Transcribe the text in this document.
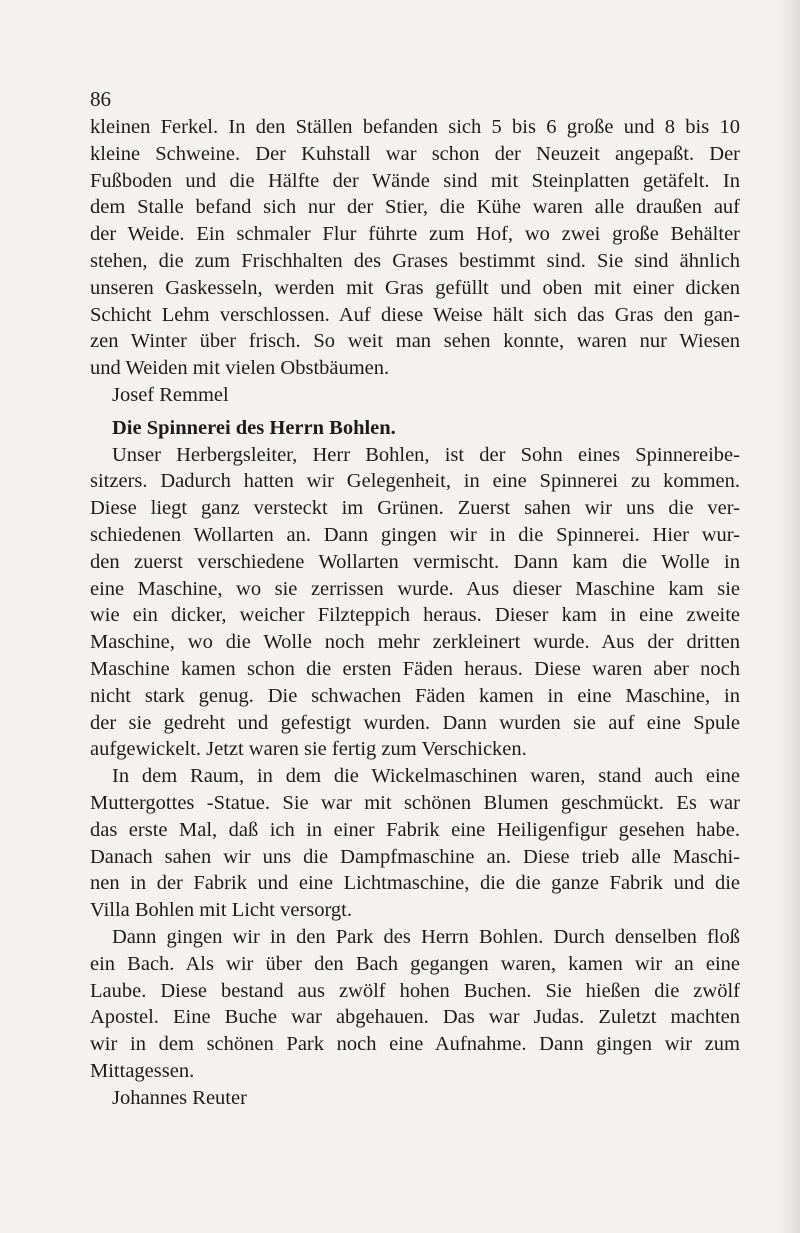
86
kleinen Ferkel. In den Ställen befanden sich 5 bis 6 große und 8 bis 10
kleine Schweine. Der Kuhstall war schon der Neuzeit angepaßt. Der
Fußboden und die Hälfte der Wände sind mit Steinplatten getäfelt. In
dem Stalle befand sich nur der Stier, die Kühe waren alle draußen auf
der Weide. Ein schmaler Flur führte zum Hof, wo zwei große Behälter
stehen, die zum Frischhalten des Grases bestimmt sind. Sie sind ähnlich
unseren Gaskesseln, werden mit Gras gefüllt und oben mit einer dicken
Schicht Lehm verschlossen. Auf diese Weise hält sich das Gras den gan-
zen Winter über frisch. So weit man sehen konnte, waren nur Wiesen
und Weiden mit vielen Obstbäumen.
Josef Remmel
Die Spinnerei des Herrn Bohlen.
Unser Herbergsleiter, Herr Bohlen, ist der Sohn eines Spinnereibe-
sitzers. Dadurch hatten wir Gelegenheit, in eine Spinnerei zu kommen.
Diese liegt ganz versteckt im Grünen. Zuerst sahen wir uns die ver-
schiedenen Wollarten an. Dann gingen wir in die Spinnerei. Hier wur-
den zuerst verschiedene Wollarten vermischt. Dann kam die Wolle in
eine Maschine, wo sie zerrissen wurde. Aus dieser Maschine kam sie
wie ein dicker, weicher Filzteppich heraus. Dieser kam in eine zweite
Maschine, wo die Wolle noch mehr zerkleinert wurde. Aus der dritten
Maschine kamen schon die ersten Fäden heraus. Diese waren aber noch
nicht stark genug. Die schwachen Fäden kamen in eine Maschine, in
der sie gedreht und gefestigt wurden. Dann wurden sie auf eine Spule
aufgewickelt. Jetzt waren sie fertig zum Verschicken.
In dem Raum, in dem die Wickelmaschinen waren, stand auch eine
Muttergottes -Statue. Sie war mit schönen Blumen geschmückt. Es war
das erste Mal, daß ich in einer Fabrik eine Heiligenfigur gesehen habe.
Danach sahen wir uns die Dampfmaschine an. Diese trieb alle Maschi-
nen in der Fabrik und eine Lichtmaschine, die die ganze Fabrik und die
Villa Bohlen mit Licht versorgt.
Dann gingen wir in den Park des Herrn Bohlen. Durch denselben floß
ein Bach. Als wir über den Bach gegangen waren, kamen wir an eine
Laube. Diese bestand aus zwölf hohen Buchen. Sie hießen die zwölf
Apostel. Eine Buche war abgehauen. Das war Judas. Zuletzt machten
wir in dem schönen Park noch eine Aufnahme. Dann gingen wir zum
Mittagessen.
Johannes Reuter
